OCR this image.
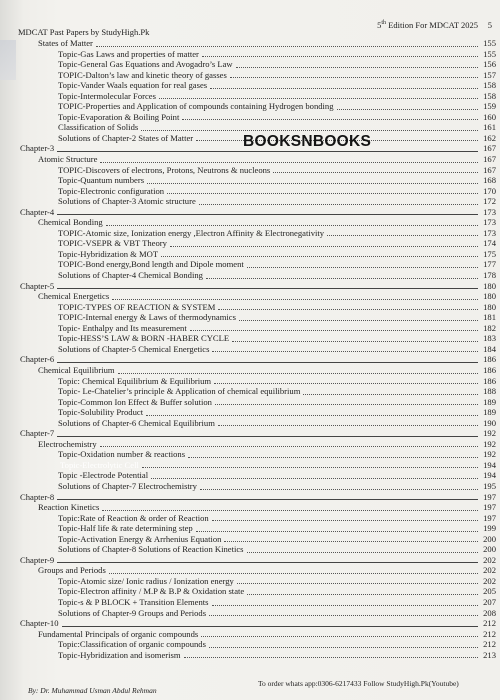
MDCAT Past Papers by StudyHigh.Pk
5th Edition For MDCAT 2025 5
States of Matter	155
Topic-Gas Laws and properties of matter	155
Topic-General Gas Equations and Avogadro’s Law	156
TOPIC-Dalton’s law and kinetic theory of gasses	157
Topic-Vander Waals equation for real gases	158
Topic-Intermolecular Forces	158
TOPIC-Properties and Application of compounds containing Hydrogen bonding	159
Topic-Evaporation & Boiling Point	160
Classification of Solids	161
Solutions of Chapter-2 States of Matter	162
Chapter-3	167
Atomic Structure	167
TOPIC-Discovers of electrons, Protons, Neutrons & nucleons	167
Topic-Quantum numbers	168
Topic-Electronic configuration	170
Solutions of Chapter-3 Atomic structure	172
Chapter-4	173
Chemical Bonding	173
TOPIC-Atomic size, Ionization energy ,Electron Affinity & Electronegativity	173
TOPIC-VSEPR & VBT Theory	174
Topic-Hybridization & MOT	175
TOPIC-Bond energy,Bond length and Dipole moment	177
Solutions of Chapter-4 Chemical Bonding	178
Chapter-5	180
Chemical Energetics	180
TOPIC-TYPES OF REACTION & SYSTEM	180
TOPIC-Internal energy & Laws of thermodynamics	181
Topic- Enthalpy and Its measurement	182
Topic-HESS’S LAW & BORN -HABER CYCLE	183
Solutions of Chapter-5 Chemical Energetics	184
Chapter-6	186
Chemical Equilibrium	186
Topic: Chemical Equilibrium & Equilibrium	186
Topic- Le-Chatelier’s principle & Application of chemical equilibrium	188
Topic-Common Ion Effect & Buffer solution	189
Topic-Solubility Product	189
Solutions of Chapter-6 Chemical Equilibrium	190
Chapter-7	192
Electrochemistry	192
Topic-Oxidation number & reactions	192
Topic-Electrolytic Cell	194
Topic -Electrode Potential	194
Solutions of Chapter-7 Electrochemistry	195
Chapter-8	197
Reaction Kinetics	197
Topic:Rate of Reaction & order of Reaction	197
Topic-Half life & rate determining step	199
Topic-Activation Energy & Arrhenius Equation	200
Solutions of Chapter-8 Solutions of Reaction Kinetics	200
Chapter-9	202
Groups and Periods	202
Topic-Atomic size/ Ionic radius / Ionization energy	202
Topic-Electron affinity / M.P & B.P & Oxidation state	205
Topic-s & P BLOCK + Transition Elements	207
Solutions of Chapter-9 Groups and Periods	208
Chapter-10	212
Fundamental Principals of organic compounds	212
Topic:Classification of organic compounds	212
Topic-Hybridization and isomerism	213
BOOKSNBOOKS
By: Dr. Muhammad Usman Abdul Rehman
To order whats app:0306-6217433 Follow StudyHigh.Pk(Youtube)
